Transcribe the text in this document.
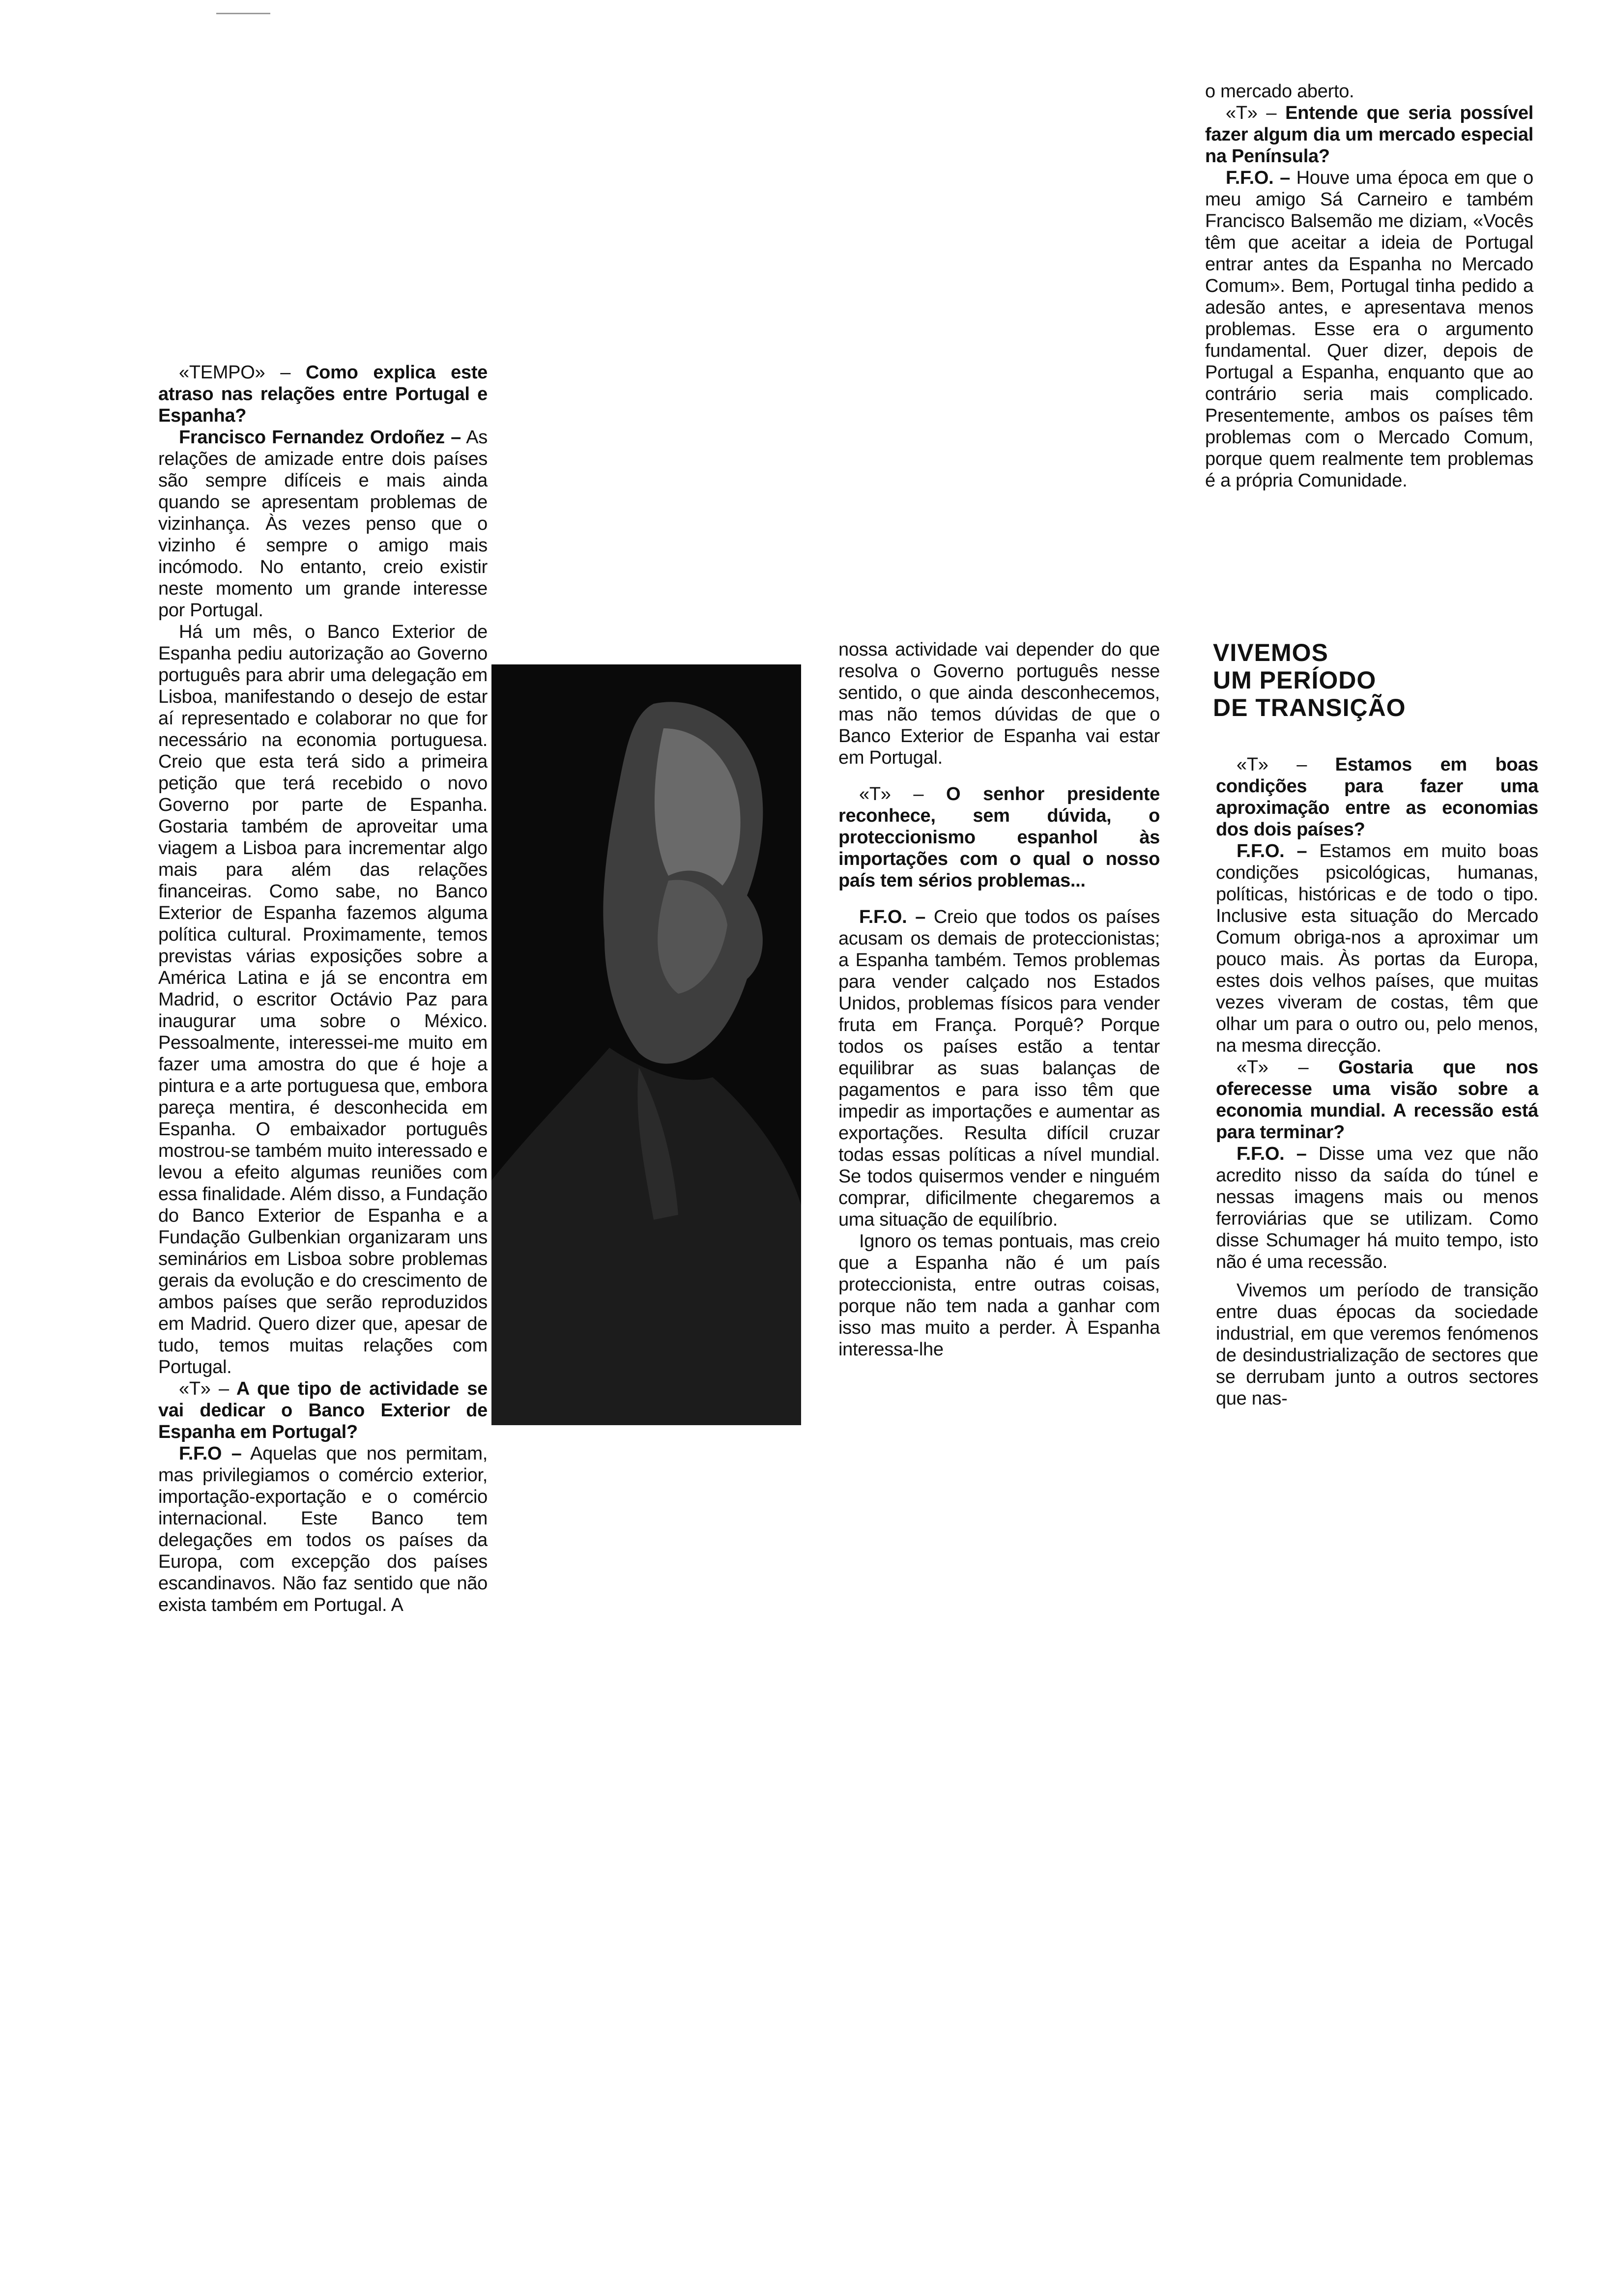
«TEMPO» – Como explica este atraso nas relações entre Portugal e Espanha?

Francisco Fernandez Ordoñez – As relações de amizade entre dois países são sempre difíceis e mais ainda quando se apresentam problemas de vizinhança. Às vezes penso que o vizinho é sempre o amigo mais incómodo. No entanto, creio existir neste momento um grande interesse por Portugal.

Há um mês, o Banco Exterior de Espanha pediu autorização ao Governo português para abrir uma delegação em Lisboa, manifestando o desejo de estar aí representado e colaborar no que for necessário na economia portuguesa. Creio que esta terá sido a primeira petição que terá recebido o novo Governo por parte de Espanha. Gostaria também de aproveitar uma viagem a Lisboa para incrementar algo mais para além das relações financeiras. Como sabe, no Banco Exterior de Espanha fazemos alguma política cultural. Proximamente, temos previstas várias exposições sobre a América Latina e já se encontra em Madrid, o escritor Octávio Paz para inaugurar uma sobre o México. Pessoalmente, interessei-me muito em fazer uma amostra do que é hoje a pintura e a arte portuguesa que, embora pareça mentira, é desconhecida em Espanha. O embaixador português mostrou-se também muito interessado e levou a efeito algumas reuniões com essa finalidade. Além disso, a Fundação do Banco Exterior de Espanha e a Fundação Gulbenkian organizaram uns seminários em Lisboa sobre problemas gerais da evolução e do crescimento de ambos países que serão reproduzidos em Madrid. Quero dizer que, apesar de tudo, temos muitas relações com Portugal.

«T» – A que tipo de actividade se vai dedicar o Banco Exterior de Espanha em Portugal?

F.F.O – Aquelas que nos permitam, mas privilegiamos o comércio exterior, importação-exportação e o comércio internacional. Este Banco tem delegações em todos os países da Europa, com excepção dos países escandinavos. Não faz sentido que não exista também em Portugal. A

nossa actividade vai depender do que resolva o Governo português nesse sentido, o que ainda desconhecemos, mas não temos dúvidas de que o Banco Exterior de Espanha vai estar em Portugal.

«T» – O senhor presidente reconhece, sem dúvida, o proteccionismo espanhol às importações com o qual o nosso país tem sérios problemas...

F.F.O. – Creio que todos os países acusam os demais de proteccionistas; a Espanha também. Temos problemas para vender calçado nos Estados Unidos, problemas físicos para vender fruta em França. Porquê? Porque todos os países estão a tentar equilibrar as suas balanças de pagamentos e para isso têm que impedir as importações e aumentar as exportações. Resulta difícil cruzar todas essas políticas a nível mundial. Se todos quisermos vender e ninguém comprar, dificilmente chegaremos a uma situação de equilíbrio.

Ignoro os temas pontuais, mas creio que a Espanha não é um país proteccionista, entre outras coisas, porque não tem nada a ganhar com isso mas muito a perder. À Espanha interessa-lhe

o mercado aberto.

«T» – Entende que seria possível fazer algum dia um mercado especial na Península?

F.F.O. – Houve uma época em que o meu amigo Sá Carneiro e também Francisco Balsemão me diziam, «Vocês têm que aceitar a ideia de Portugal entrar antes da Espanha no Mercado Comum». Bem, Portugal tinha pedido a adesão antes, e apresentava menos problemas. Esse era o argumento fundamental. Quer dizer, depois de Portugal a Espanha, enquanto que ao contrário seria mais complicado. Presentemente, ambos os países têm problemas com o Mercado Comum, porque quem realmente tem problemas é a própria Comunidade.

VIVEMOS
UM PERÍODO
DE TRANSIÇÃO

«T» – Estamos em boas condições para fazer uma aproximação entre as economias dos dois países?

F.F.O. – Estamos em muito boas condições psicológicas, humanas, políticas, históricas e de todo o tipo. Inclusive esta situação do Mercado Comum obriga-nos a aproximar um pouco mais. Às portas da Europa, estes dois velhos países, que muitas vezes viveram de costas, têm que olhar um para o outro ou, pelo menos, na mesma direcção.

«T» – Gostaria que nos oferecesse uma visão sobre a economia mundial. A recessão está para terminar?

F.F.O. – Disse uma vez que não acredito nisso da saída do túnel e nessas imagens mais ou menos ferroviárias que se utilizam. Como disse Schumager há muito tempo, isto não é uma recessão.

Vivemos um período de transição entre duas épocas da sociedade industrial, em que veremos fenómenos de desindustrialização de sectores que se derrubam junto a outros sectores que nas-
